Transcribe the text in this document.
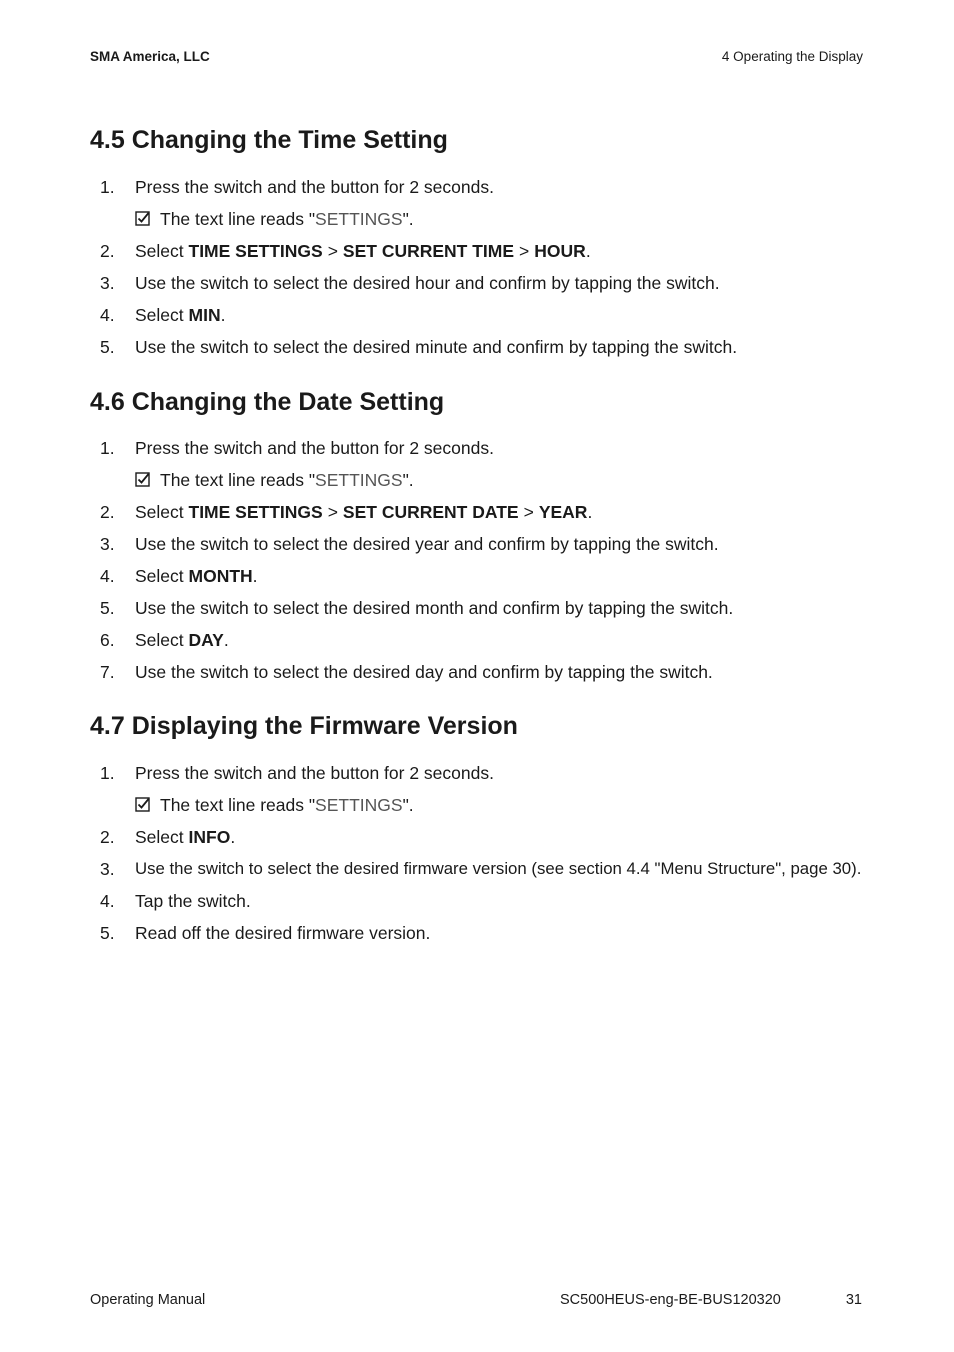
SMA America, LLC	4 Operating the Display
4.5 Changing the Time Setting
1. Press the switch and the button for 2 seconds.
The text line reads "SETTINGS".
2. Select TIME SETTINGS > SET CURRENT TIME > HOUR.
3. Use the switch to select the desired hour and confirm by tapping the switch.
4. Select MIN.
5. Use the switch to select the desired minute and confirm by tapping the switch.
4.6 Changing the Date Setting
1. Press the switch and the button for 2 seconds.
The text line reads "SETTINGS".
2. Select TIME SETTINGS > SET CURRENT DATE > YEAR.
3. Use the switch to select the desired year and confirm by tapping the switch.
4. Select MONTH.
5. Use the switch to select the desired month and confirm by tapping the switch.
6. Select DAY.
7. Use the switch to select the desired day and confirm by tapping the switch.
4.7 Displaying the Firmware Version
1. Press the switch and the button for 2 seconds.
The text line reads "SETTINGS".
2. Select INFO.
3. Use the switch to select the desired firmware version (see section 4.4 "Menu Structure", page 30).
4. Tap the switch.
5. Read off the desired firmware version.
Operating Manual	SC500HEUS-eng-BE-BUS120320	31
